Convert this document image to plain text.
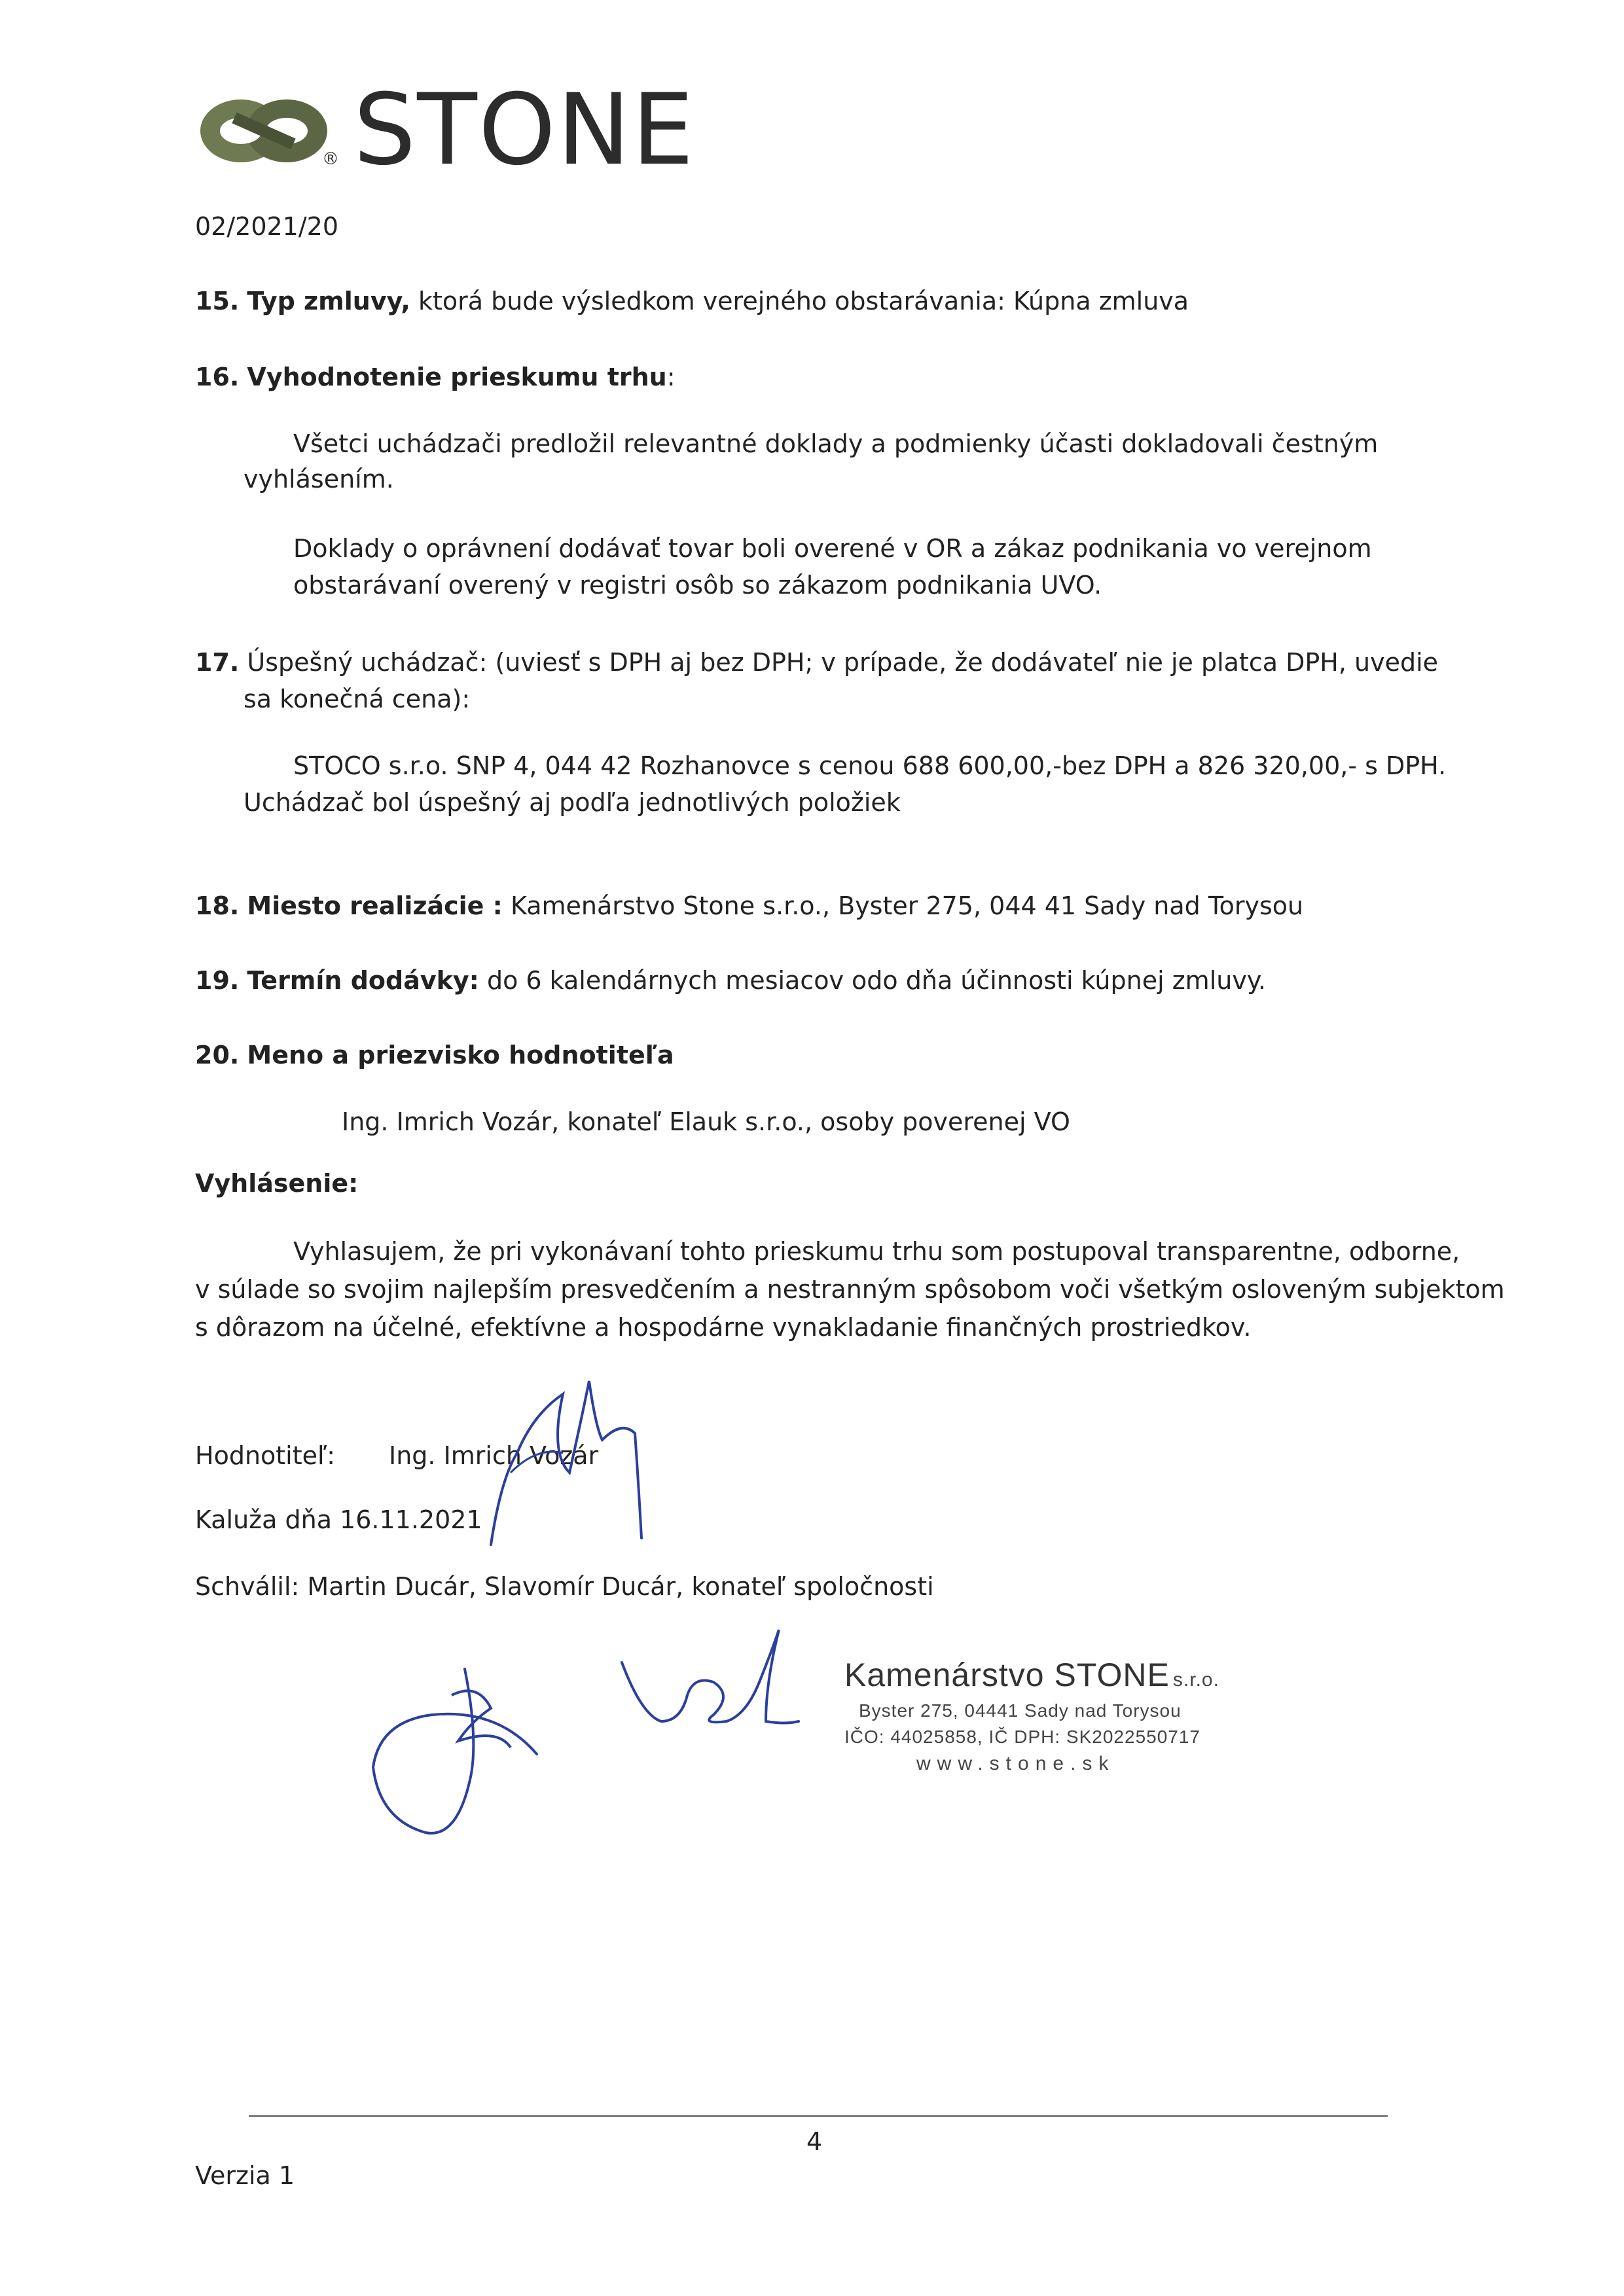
® STONE
02/2021/20
15. Typ zmluvy, ktorá bude výsledkom verejného obstarávania: Kúpna zmluva
16. Vyhodnotenie prieskumu trhu:
Všetci uchádzači predložil relevantné doklady a podmienky účasti dokladovali čestným
vyhlásením.
Doklady o oprávnení dodávať tovar boli overené v OR a zákaz podnikania vo verejnom
obstarávaní overený v registri osôb so zákazom podnikania UVO.
17. Úspešný uchádzač: (uviesť s DPH aj bez DPH; v prípade, že dodávateľ nie je platca DPH, uvedie
sa konečná cena):
STOCO s.r.o. SNP 4, 044 42 Rozhanovce s cenou 688 600,00,-bez DPH a 826 320,00,- s DPH.
Uchádzač bol úspešný aj podľa jednotlivých položiek
18. Miesto realizácie : Kamenárstvo Stone s.r.o., Byster 275, 044 41 Sady nad Torysou
19. Termín dodávky: do 6 kalendárnych mesiacov odo dňa účinnosti kúpnej zmluvy.
20. Meno a priezvisko hodnotiteľa
Ing. Imrich Vozár, konateľ Elauk s.r.o., osoby poverenej VO
Vyhlásenie:
Vyhlasujem, že pri vykonávaní tohto prieskumu trhu som postupoval transparentne, odborne,
v súlade so svojim najlepším presvedčením a nestranným spôsobom voči všetkým osloveným subjektom
s dôrazom na účelné, efektívne a hospodárne vynakladanie finančných prostriedkov.
Hodnotiteľ: Ing. Imrich Vozár
Kaluža dňa 16.11.2021
Schválil: Martin Ducár, Slavomír Ducár, konateľ spoločnosti
Kamenárstvo STONE s.r.o.
Byster 275, 04441 Sady nad Torysou
IČO: 44025858, IČ DPH: SK2022550717
www.stone.sk
4
Verzia 1
